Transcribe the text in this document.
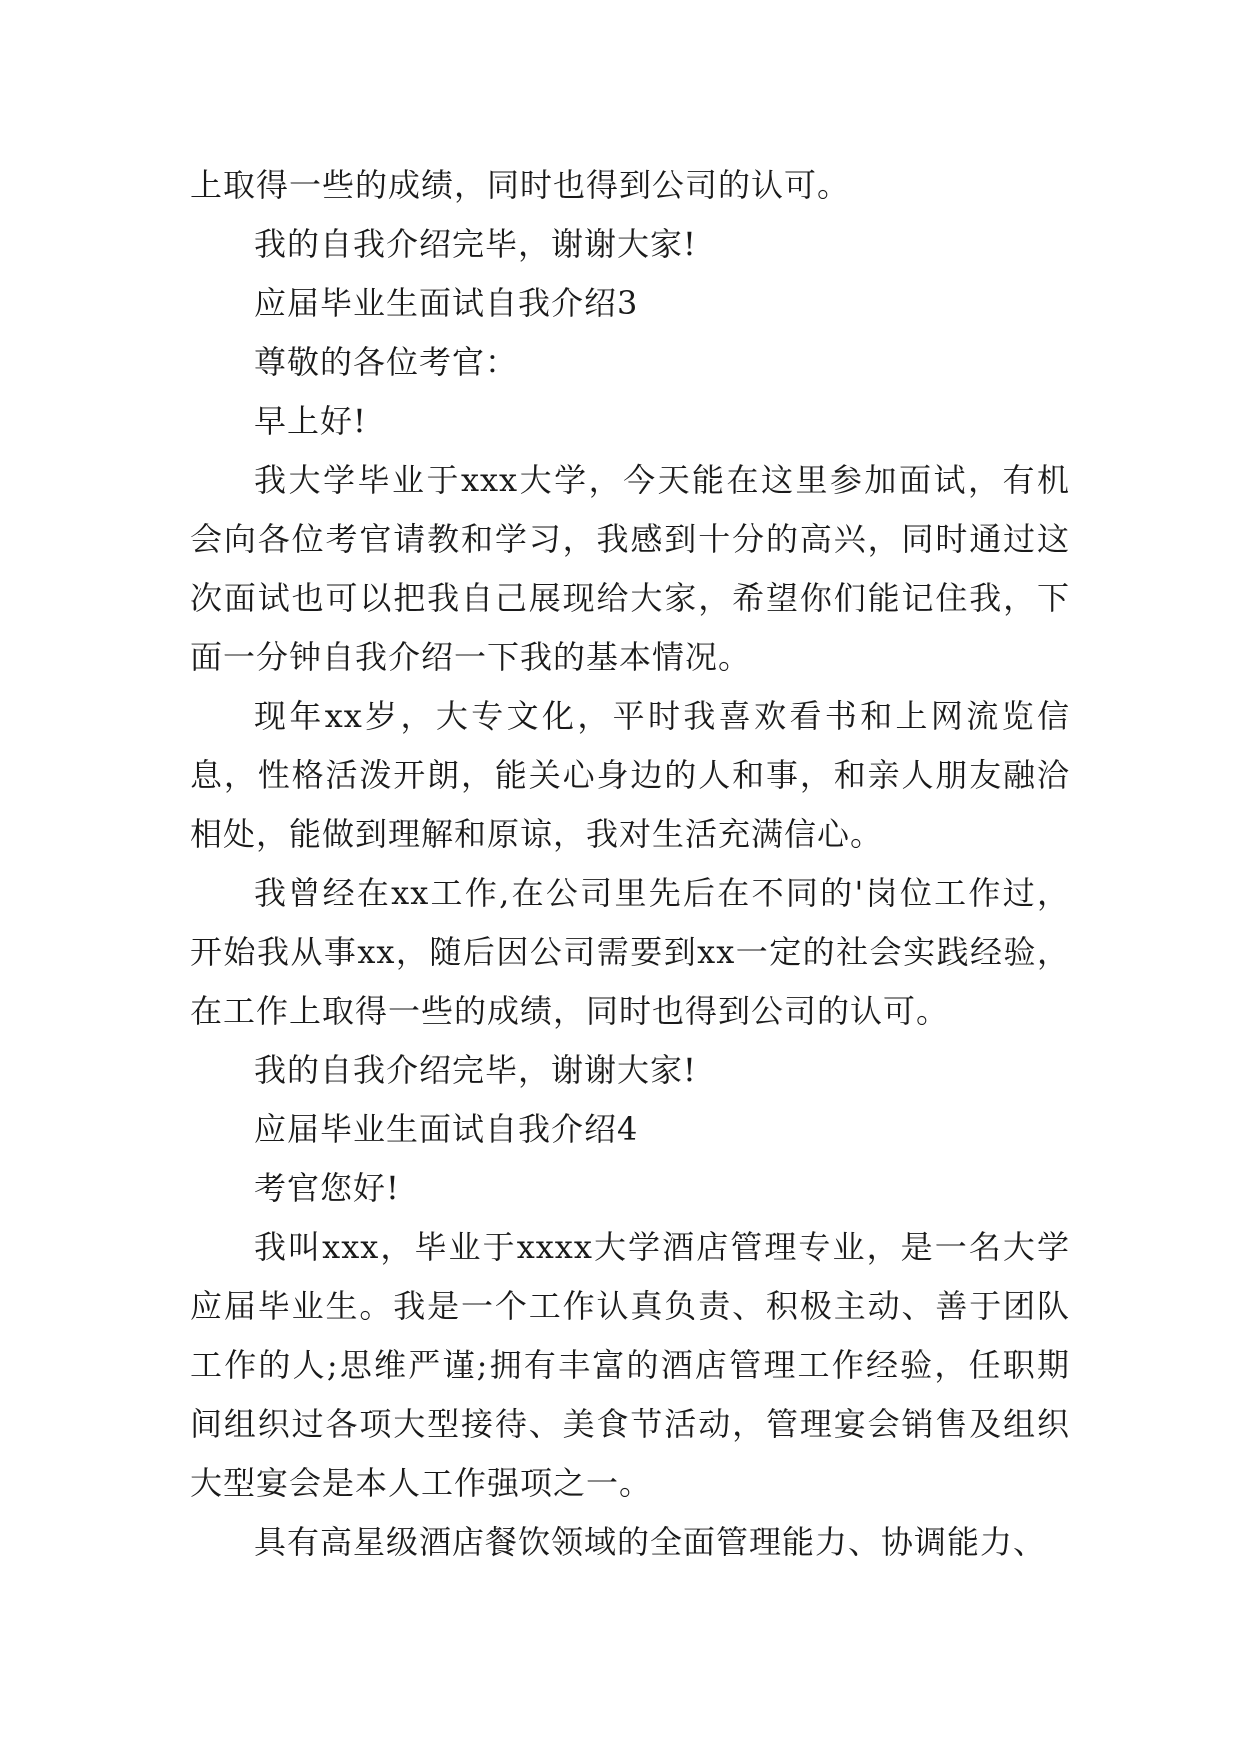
上取得一些的成绩，同时也得到公司的认可。

我的自我介绍完毕，谢谢大家!

应届毕业生面试自我介绍3

尊敬的各位考官：

早上好!

我大学毕业于xxx大学，今天能在这里参加面试，有机会向各位考官请教和学习，我感到十分的高兴，同时通过这次面试也可以把我自己展现给大家，希望你们能记住我，下面一分钟自我介绍一下我的基本情况。

现年xx岁，大专文化，平时我喜欢看书和上网流览信息，性格活泼开朗，能关心身边的人和事，和亲人朋友融洽相处，能做到理解和原谅，我对生活充满信心。

我曾经在xx工作,在公司里先后在不同的'岗位工作过，开始我从事xx，随后因公司需要到xx一定的社会实践经验，在工作上取得一些的成绩，同时也得到公司的认可。

我的自我介绍完毕，谢谢大家!

应届毕业生面试自我介绍4

考官您好!

我叫xxx，毕业于xxxx大学酒店管理专业，是一名大学应届毕业生。我是一个工作认真负责、积极主动、善于团队工作的人;思维严谨;拥有丰富的酒店管理工作经验，任职期间组织过各项大型接待、美食节活动，管理宴会销售及组织大型宴会是本人工作强项之一。

具有高星级酒店餐饮领域的全面管理能力、协调能力、
